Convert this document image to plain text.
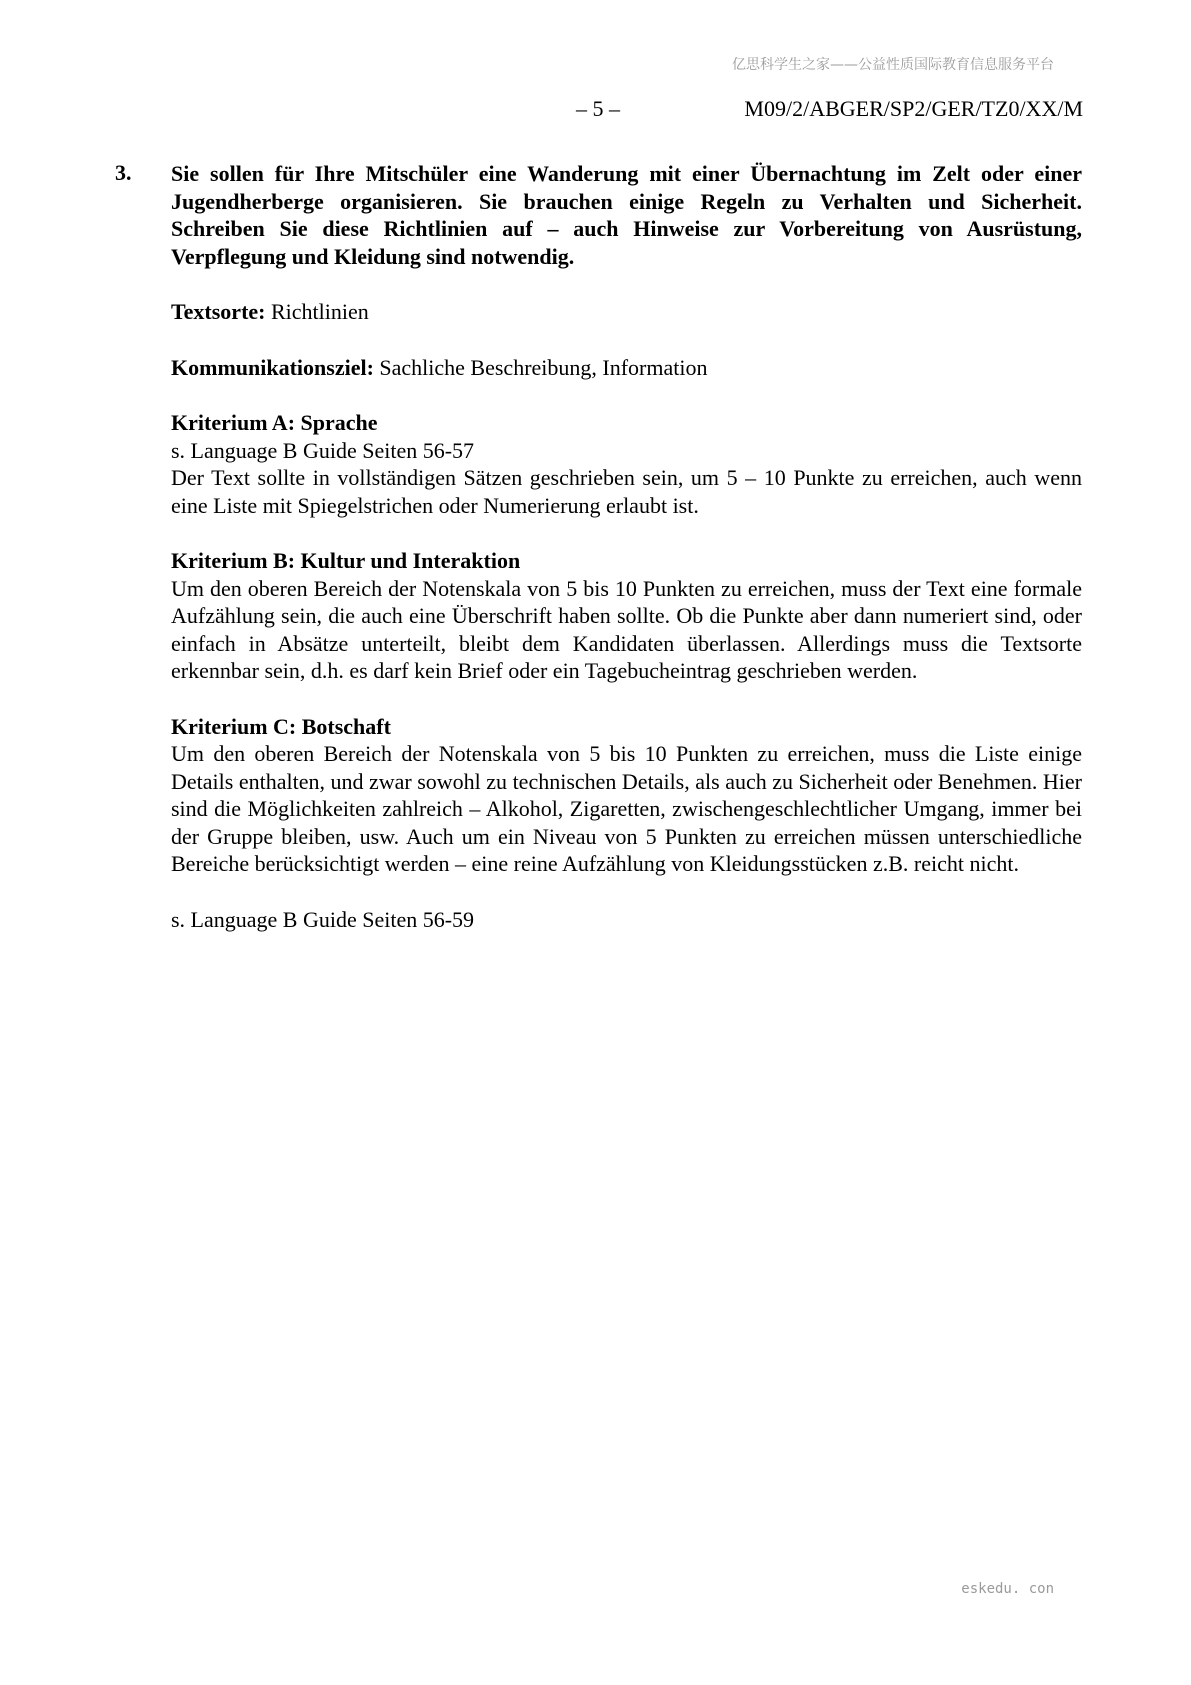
亿思科学生之家——公益性质国际教育信息服务平台
– 5 –	M09/2/ABGER/SP2/GER/TZ0/XX/M
3. Sie sollen für Ihre Mitschüler eine Wanderung mit einer Übernachtung im Zelt oder einer Jugendherberge organisieren. Sie brauchen einige Regeln zu Verhalten und Sicherheit. Schreiben Sie diese Richtlinien auf – auch Hinweise zur Vorbereitung von Ausrüstung, Verpflegung und Kleidung sind notwendig.

Textsorte: Richtlinien
Kommunikationsziel: Sachliche Beschreibung, Information

Kriterium A: Sprache

s. Language B Guide Seiten 56-57

Der Text sollte in vollständigen Sätzen geschrieben sein, um 5 – 10 Punkte zu erreichen, auch wenn eine Liste mit Spiegelstrichen oder Numerierung erlaubt ist.

Kriterium B: Kultur und Interaktion

Um den oberen Bereich der Notenskala von 5 bis 10 Punkten zu erreichen, muss der Text eine formale Aufzählung sein, die auch eine Überschrift haben sollte. Ob die Punkte aber dann numeriert sind, oder einfach in Absätze unterteilt, bleibt dem Kandidaten überlassen. Allerdings muss die Textsorte erkennbar sein, d.h. es darf kein Brief oder ein Tagebucheintrag geschrieben werden.

Kriterium C: Botschaft

Um den oberen Bereich der Notenskala von 5 bis 10 Punkten zu erreichen, muss die Liste einige Details enthalten, und zwar sowohl zu technischen Details, als auch zu Sicherheit oder Benehmen. Hier sind die Möglichkeiten zahlreich – Alkohol, Zigaretten, zwischengeschlechtlicher Umgang, immer bei der Gruppe bleiben, usw. Auch um ein Niveau von 5 Punkten zu erreichen müssen unterschiedliche Bereiche berücksichtigt werden – eine reine Aufzählung von Kleidungsstücken z.B. reicht nicht.

s. Language B Guide Seiten 56-59
eskedu. con
